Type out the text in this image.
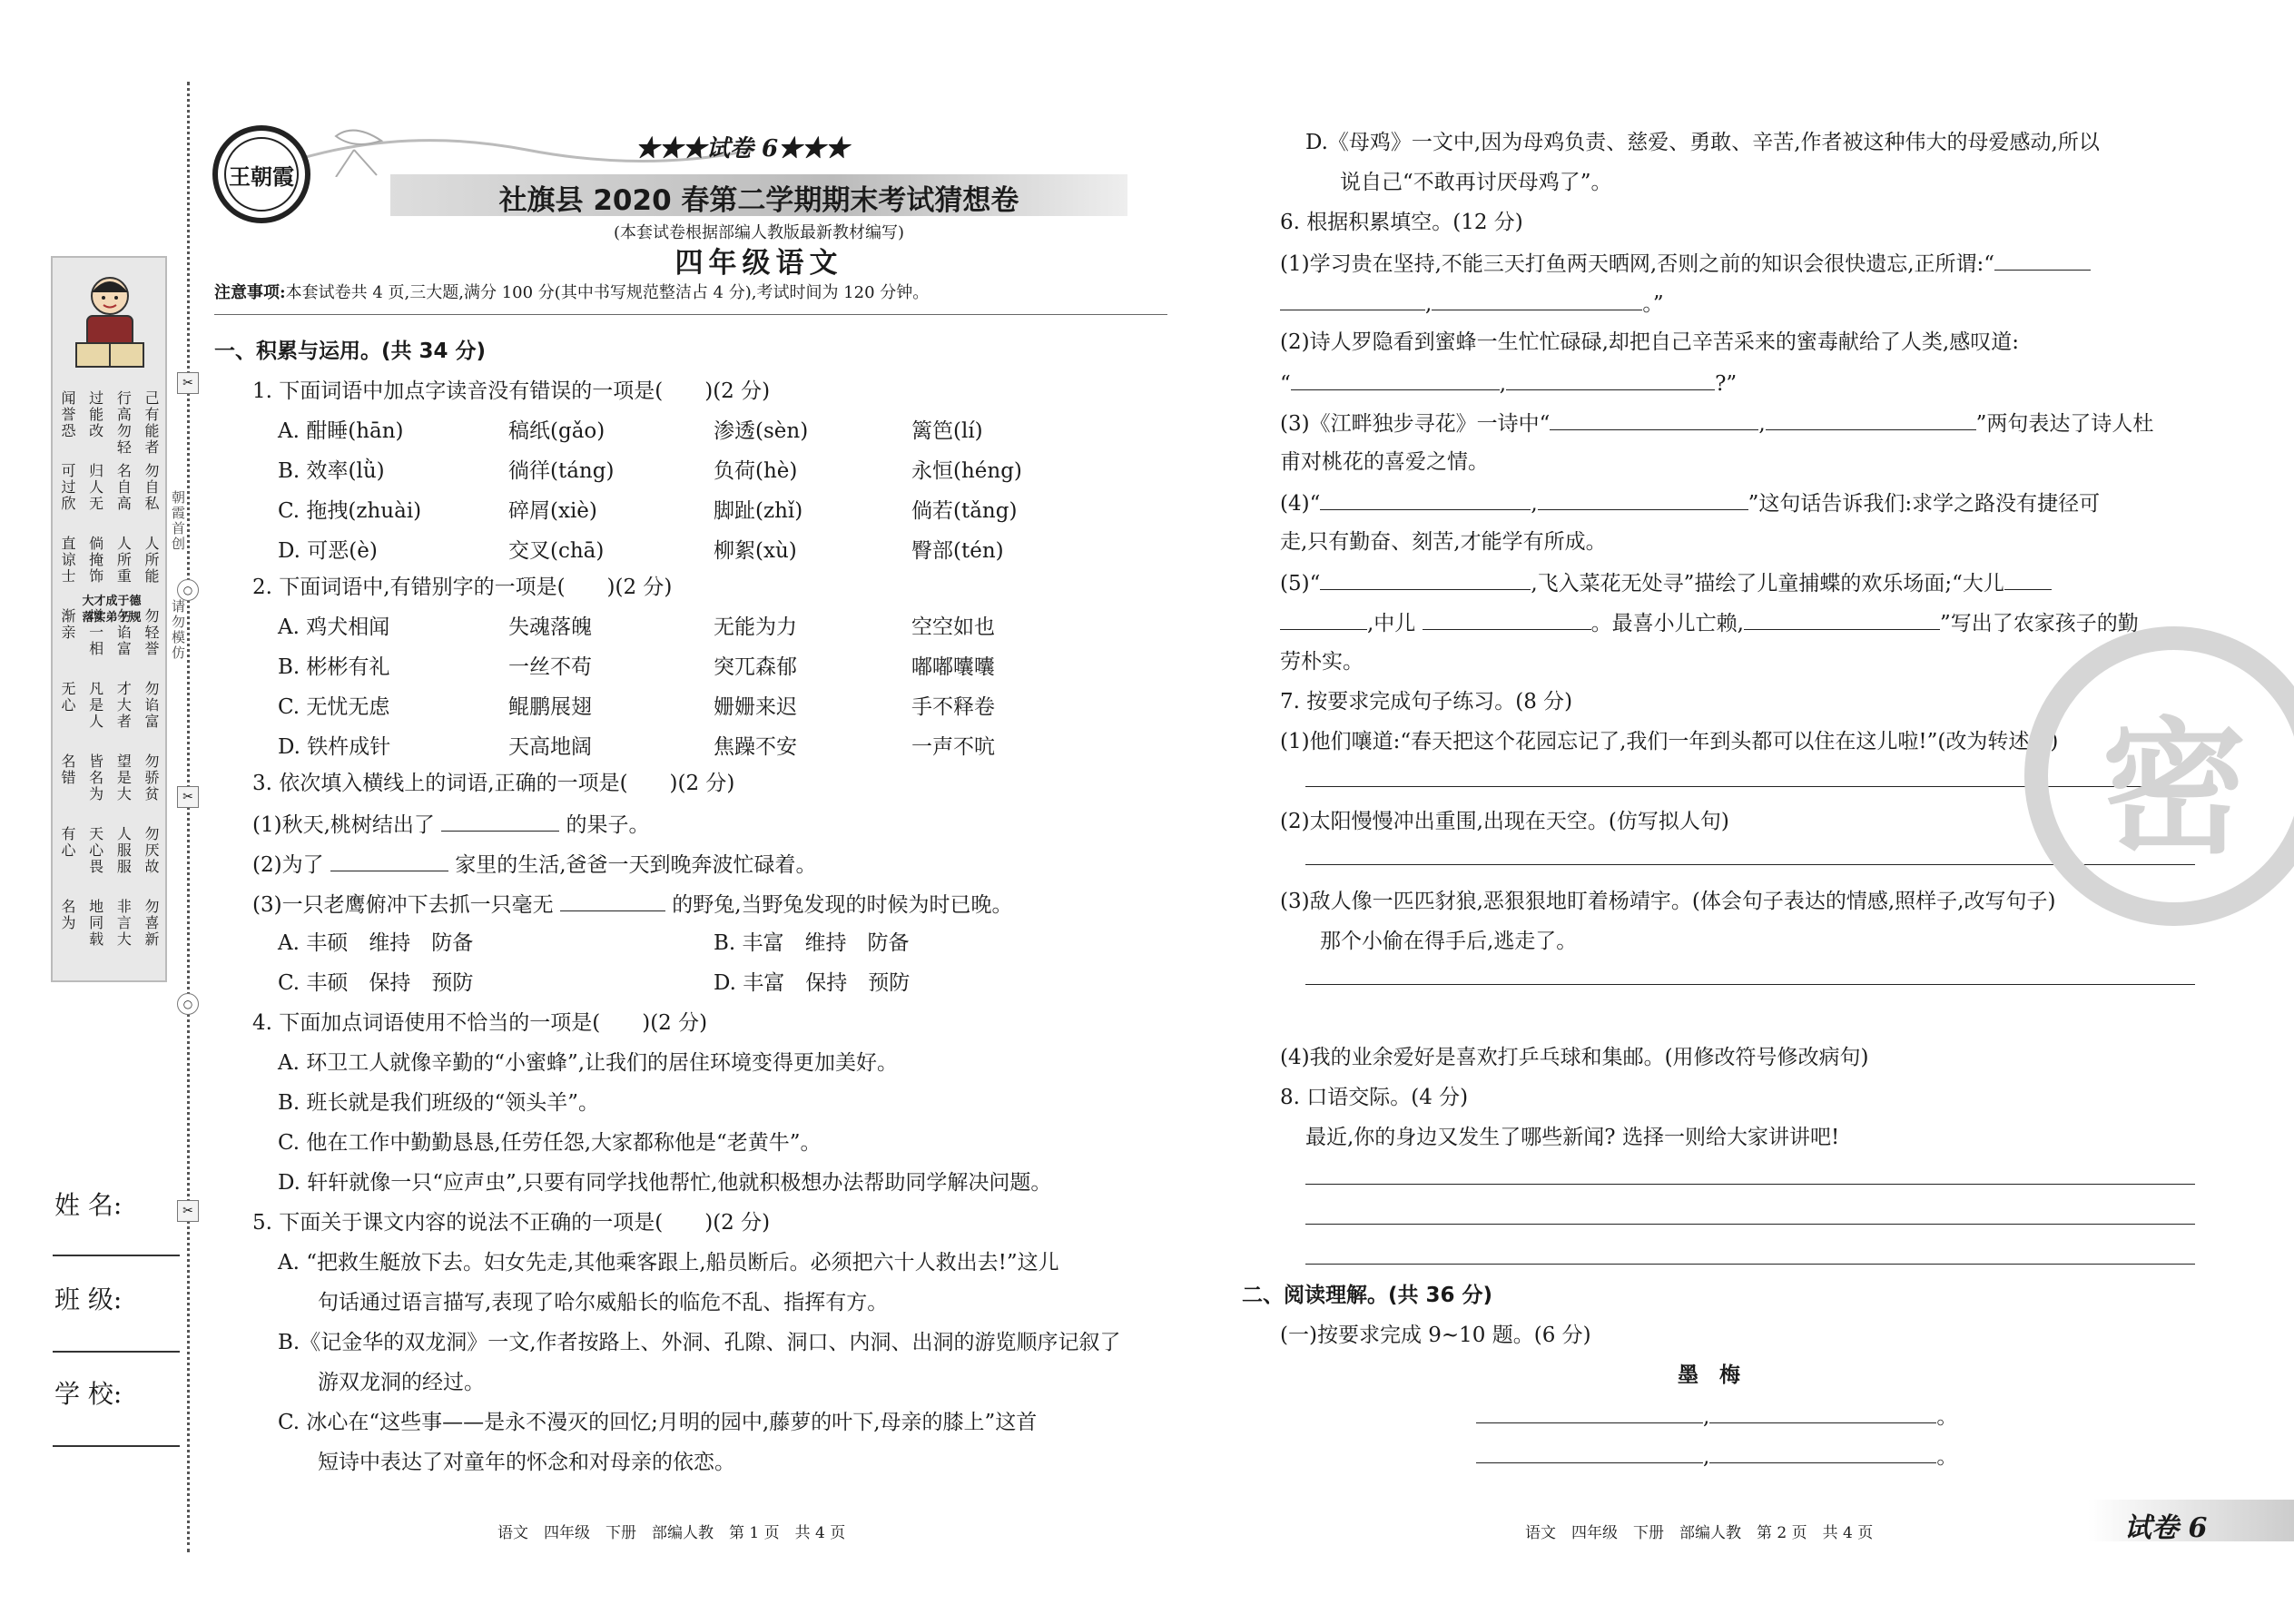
大才成于德
落实弟子规
己有能者
行高勿轻
过能改
闻誉恐
勿自私
名自高
归人无
可过欣
人所能
人所重
倘掩饰
直谅士
勿轻誉
勿谄富
增一相
渐亲
勿谄富
才大者
凡是人
无心
勿骄贫
望是大
皆名为
名错
勿厌故
人服服
天心畏
有心
勿喜新
非言大
地同载
名为
朝霞首创
请勿模仿
✂
○
✂
○
✂
姓 名:
班 级:
学 校:
王朝霞
★★★试卷 6★★★
社旗县 2020 春第二学期期末考试猜想卷
(本套试卷根据部编人教版最新教材编写)
四年级语文
注意事项:本套试卷共 4 页,三大题,满分 100 分(其中书写规范整洁占 4 分),考试时间为 120 分钟。
一、积累与运用。(共 34 分)
1. 下面词语中加点字读音没有错误的一项是(　　)(2 分)
A. 酣睡(hān)	稿纸(gǎo)	渗透(sèn)	篱笆(lí)
B. 效率(lǜ)	徜徉(táng)	负荷(hè)	永恒(héng)
C. 拖拽(zhuài)	碎屑(xiè)	脚趾(zhǐ)	倘若(tǎng)
D. 可恶(è)	交叉(chā)	柳絮(xù)	臀部(tén)
2. 下面词语中,有错别字的一项是(　　)(2 分)
A. 鸡犬相闻	失魂落魄	无能为力	空空如也
B. 彬彬有礼	一丝不苟	突兀森郁	嘟嘟囔囔
C. 无忧无虑	鲲鹏展翅	姗姗来迟	手不释卷
D. 铁杵成针	天高地阔	焦躁不安	一声不吭
3. 依次填入横线上的词语,正确的一项是(　　)(2 分)
(1)秋天,桃树结出了	的果子。
(2)为了	家里的生活,爸爸一天到晚奔波忙碌着。
(3)一只老鹰俯冲下去抓一只毫无	的野兔,当野兔发现的时候为时已晚。
A. 丰硕　维持　防备	B. 丰富　维持　防备
C. 丰硕　保持　预防	D. 丰富　保持　预防
4. 下面加点词语使用不恰当的一项是(　　)(2 分)
A. 环卫工人就像辛勤的“小蜜蜂”,让我们的居住环境变得更加美好。
B. 班长就是我们班级的“领头羊”。
C. 他在工作中勤勤恳恳,任劳任怨,大家都称他是“老黄牛”。
D. 轩轩就像一只“应声虫”,只要有同学找他帮忙,他就积极想办法帮助同学解决问题。
5. 下面关于课文内容的说法不正确的一项是(　　)(2 分)
A. “把救生艇放下去。妇女先走,其他乘客跟上,船员断后。必须把六十人救出去!”这儿
句话通过语言描写,表现了哈尔威船长的临危不乱、指挥有方。
B.《记金华的双龙洞》一文,作者按路上、外洞、孔隙、洞口、内洞、出洞的游览顺序记叙了
游双龙洞的经过。
C. 冰心在“这些事——是永不漫灭的回忆;月明的园中,藤萝的叶下,母亲的膝上”这首
短诗中表达了对童年的怀念和对母亲的依恋。
语文　四年级　下册　部编人教　第 1 页　共 4 页
D.《母鸡》一文中,因为母鸡负责、慈爱、勇敢、辛苦,作者被这种伟大的母爱感动,所以
说自己“不敢再讨厌母鸡了”。
6. 根据积累填空。(12 分)
(1)学习贵在坚持,不能三天打鱼两天晒网,否则之前的知识会很快遗忘,正所谓:“
,	。”
(2)诗人罗隐看到蜜蜂一生忙忙碌碌,却把自己辛苦采来的蜜毒献给了人类,感叹道:
“	,	?”
(3)《江畔独步寻花》一诗中“	,	”两句表达了诗人杜
甫对桃花的喜爱之情。
(4)“	,	”这句话告诉我们:求学之路没有捷径可
走,只有勤奋、刻苦,才能学有所成。
(5)“	,飞入菜花无处寻”描绘了儿童捕蝶的欢乐场面;“大儿
,中儿	。最喜小儿亡赖,	”写出了农家孩子的勤
劳朴实。
7. 按要求完成句子练习。(8 分)
(1)他们嚷道:“春天把这个花园忘记了,我们一年到头都可以住在这儿啦!”(改为转述句)
(2)太阳慢慢冲出重围,出现在天空。(仿写拟人句)
(3)敌人像一匹匹豺狼,恶狠狠地盯着杨靖宇。(体会句子表达的情感,照样子,改写句子)
那个小偷在得手后,逃走了。
(4)我的业余爱好是喜欢打乒乓球和集邮。(用修改符号修改病句)
8. 口语交际。(4 分)
最近,你的身边又发生了哪些新闻? 选择一则给大家讲讲吧!
二、阅读理解。(共 36 分)
(一)按要求完成 9~10 题。(6 分)
墨　梅
,	。
,	。
语文　四年级　下册　部编人教　第 2 页　共 4 页
密
试卷 6
